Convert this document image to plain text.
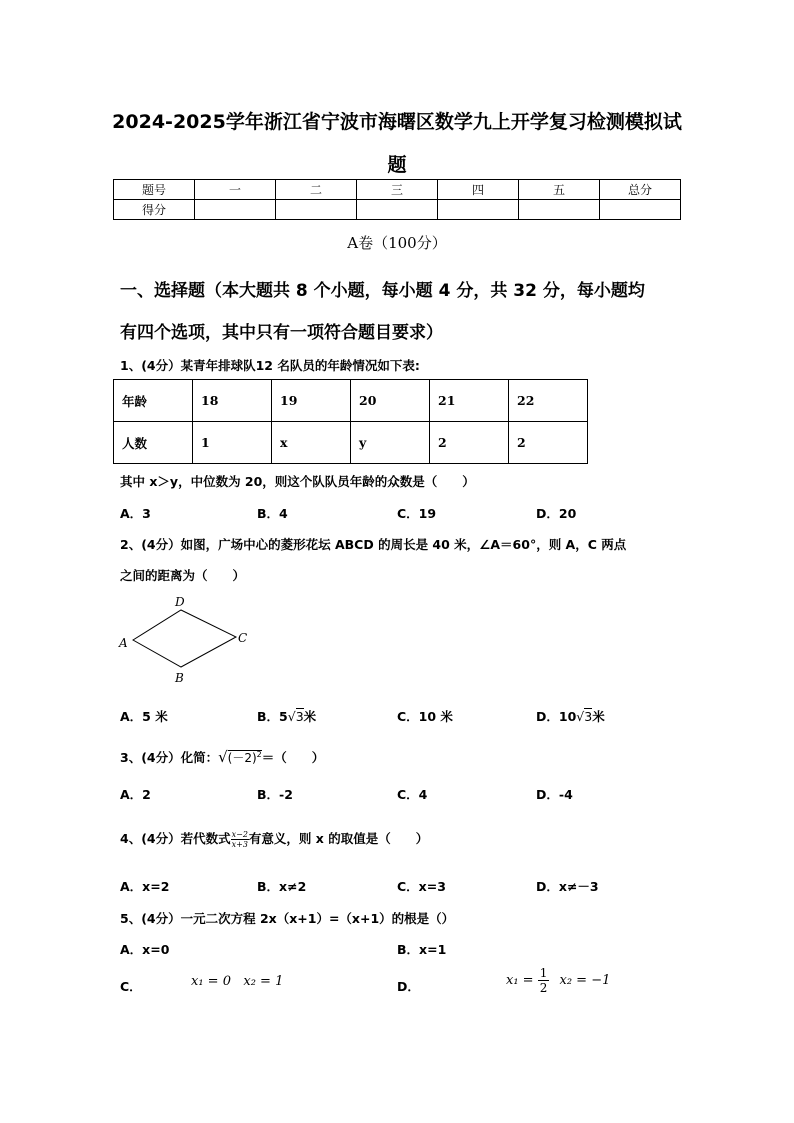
2024-2025学年浙江省宁波市海曙区数学九上开学复习检测模拟试
题
题号	一	二	三	四	五	总分
得分						
A卷（100分）
一、选择题（本大题共 8 个小题，每小题 4 分，共 32 分，每小题均
有四个选项，其中只有一项符合题目要求）
1、(4分）某青年排球队12 名队员的年龄情况如下表:
年龄	18	19	20	21	22
人数	1	x	y	2	2
其中 x＞y，中位数为 20，则这个队队员年龄的众数是（　　）
A．3	B．4	C．19	D．20
2、(4分）如图，广场中心的菱形花坛 ABCD 的周长是 40 米，∠A＝60°，则 A，C 两点
之间的距离为（　　）
D
A	C
B
A．5 米	B．5√3米	C．10 米	D．10√3米
3、(4分）化简：$√(-2)^2=$（　　）
A．2	B．-2	C．4	D．-4
4、(4分）若代数式 $\frac{x-2}{x+3}$ 有意义，则 x 的取值是（　　）
A．x=2	B．x≠2	C．x=3	D．x≠－3
5、(4分）一元二次方程 2x（x+1）=（x+1）的根是（）
A．x=0	B．x=1
C．	x₁ = 0   x₂ = 1	D．	$x_1 = \frac{1}{2} x_2 = -1$
